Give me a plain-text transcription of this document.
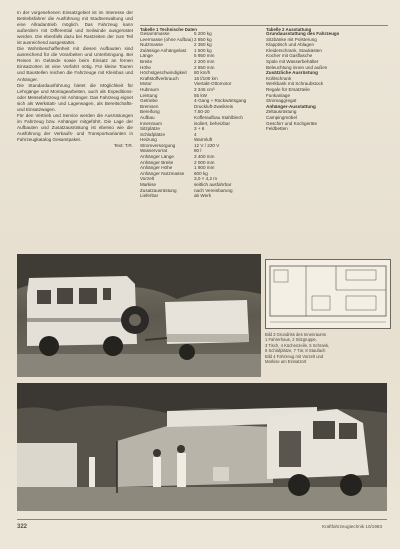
In der vorgesehenen Einsatzgebiet ist im Interesse der Betriebsfahrer die Ausführung mit Stadtverwaltung und eine Allradantrieb möglich. Das Fahrzeug kann außerdem mit Differential und Seilwinde ausgerüstet werden. Die ebenfalls dazu bei Rastzeiten der zum Teil ist ausreichend ausgestattet.

Die Wohnbeschaffenheit mit diesen Aufbauten sind ausreichend für die Vorarbeiten und Unterbringung. Bei Reisen im Gelände sowie beim Einsatz an fernen Einsatzorten ist eine Vorfahrt nötig. Für kleine Touren und Baustellen reichen die Fahrzeuge mit Kleinbus und Anhänger.

Die Standardausführung bietet die Möglichkeit für Lehrgänge und Montagearbeiten, auch als Expeditions- oder Messefahrzeug mit Anhänger. Das Fahrzeug eignet sich als Werkstatt- und Lagerwagen, als Bereitschafts- und Einsatzwagen.

Für den Vertrieb und Service werden die Ausrüstungen im Fahrzeug bzw. Anhänger mitgeführt. Die Lage der Aufbauten und Zusatzausrüstung ist ebenso wie die Ausführung der Verkaufs- und Transportvarianten in Fahrzeugkatalog Gesamtpaket.

Text: T.R.
Tabelle 1 Technische Daten
Gesamtmasse	5 200 kg
Leermasse (ohne Aufbau) 2 850 kg
Nutzmasse	2 350 kg
Zulässige Anhängelast	1 500 kg
Länge	5 950 mm
Breite	2 200 mm
Höhe	2 850 mm
Höchstgeschwindigkeit	80 km/h
Kraftstoffverbrauch	16 l/100 km
Motor	Viertakt-Ottomotor
Hubraum	3 345 cm³
Leistung	55 kW
Getriebe	4-Gang + Rückwärtsgang
Bremsen	Druckluft-Zweikreis
Bereifung	7.50-20
Aufbau	Kofferaufbau Stahlblech
Innenraum	isoliert, beheizbar
Sitzplätze	3 + 6
Schlafplätze	4
Heizung	Warmluft
Stromversorgung	12 V / 220 V
Wasservorrat	80 l
Anhänger Länge	3 400 mm
Anhänger Breite	2 000 mm
Anhänger Höhe	1 900 mm
Anhänger Nutzmasse	600 kg
Vorzelt	3,0 × 4,2 m
Markise	seitlich ausfahrbar
Zusatzausrüstung	nach Vereinbarung
Lieferbar	ab Werk
Tabelle 2 Ausstattung
Grundausstattung des Fahrzeugs
Sitzbänke mit Polsterung
Klapptisch und Ablagen
Kleiderschrank, Staukästen
Kocher mit Gasflasche
Spüle mit Wasserbehälter
Beleuchtung innen und außen
Zusätzliche Ausrüstung
Kühlschrank
Werkbank mit Schraubstock
Regale für Ersatzteile
Funkanlage
Stromaggregat
Anhänger-Ausstattung
Zeltausrüstung
Campingmöbel
Geschirr und Kochgeräte
Feldbetten
Bild 3 Grundriss des Innenraums
1 Fahrerhaus, 2 Sitzgruppe,
3 Tisch, 4 Küchenzeile, 5 Schrank,
6 Schlafplätze, 7 Tür, 8 Staufach
Bild 4 Fahrzeug mit Vorzelt und
Markise am Einsatzort
322	Kraftfahrzeugtechnik 10/1983
